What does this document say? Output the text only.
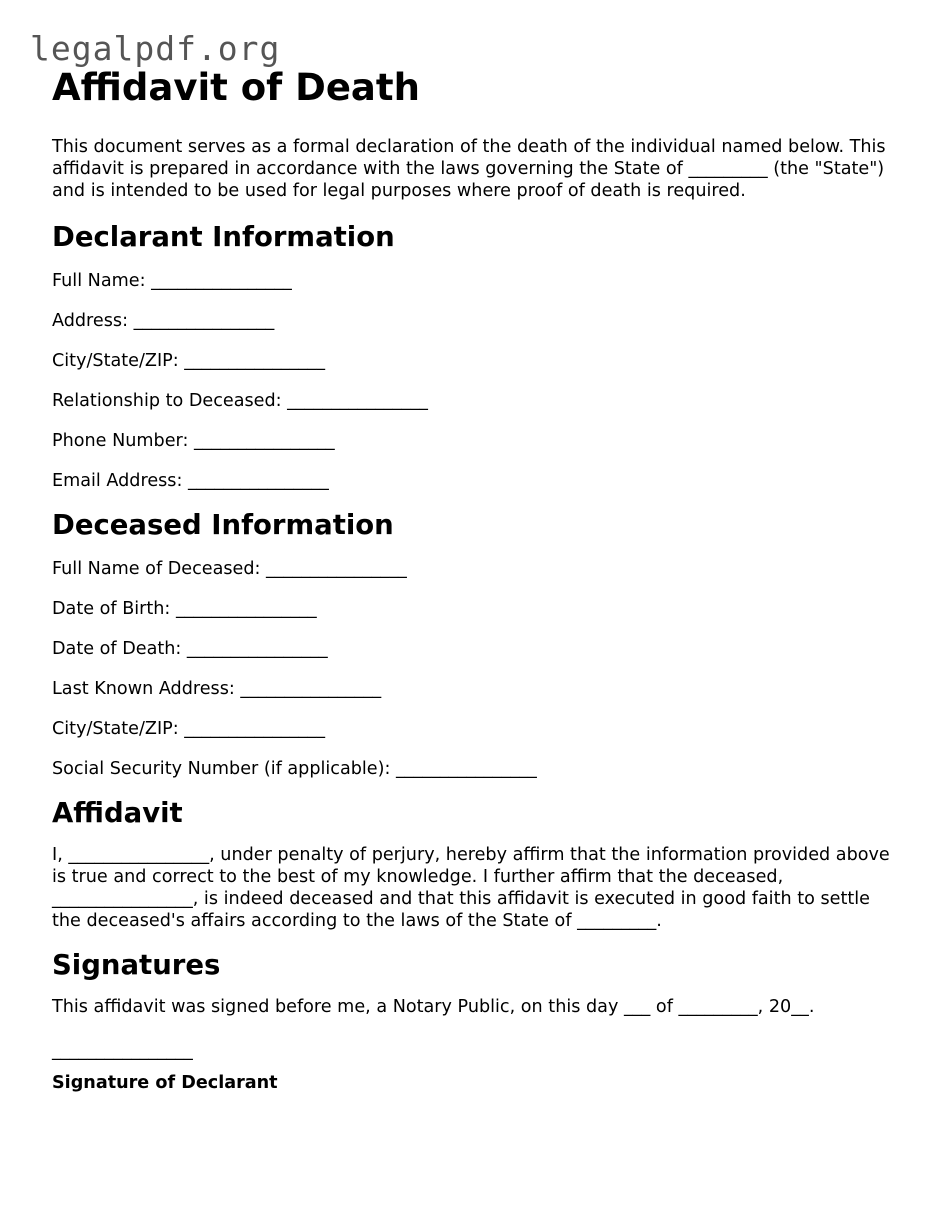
legalpdf.org
Affidavit of Death

This document serves as a formal declaration of the death of the individual named below. This affidavit is prepared in accordance with the laws governing the State of _________ (the "State") and is intended to be used for legal purposes where proof of death is required.

Declarant Information

Full Name: ________________

Address: ________________

City/State/ZIP: ________________

Relationship to Deceased: ________________

Phone Number: ________________

Email Address: ________________

Deceased Information

Full Name of Deceased: ________________

Date of Birth: ________________

Date of Death: ________________

Last Known Address: ________________

City/State/ZIP: ________________

Social Security Number (if applicable): ________________

Affidavit

I, ________________, under penalty of perjury, hereby affirm that the information provided above is true and correct to the best of my knowledge. I further affirm that the deceased, ________________, is indeed deceased and that this affidavit is executed in good faith to settle the deceased's affairs according to the laws of the State of _________.

Signatures

This affidavit was signed before me, a Notary Public, on this day ___ of _________, 20__.

________________

Signature of Declarant
